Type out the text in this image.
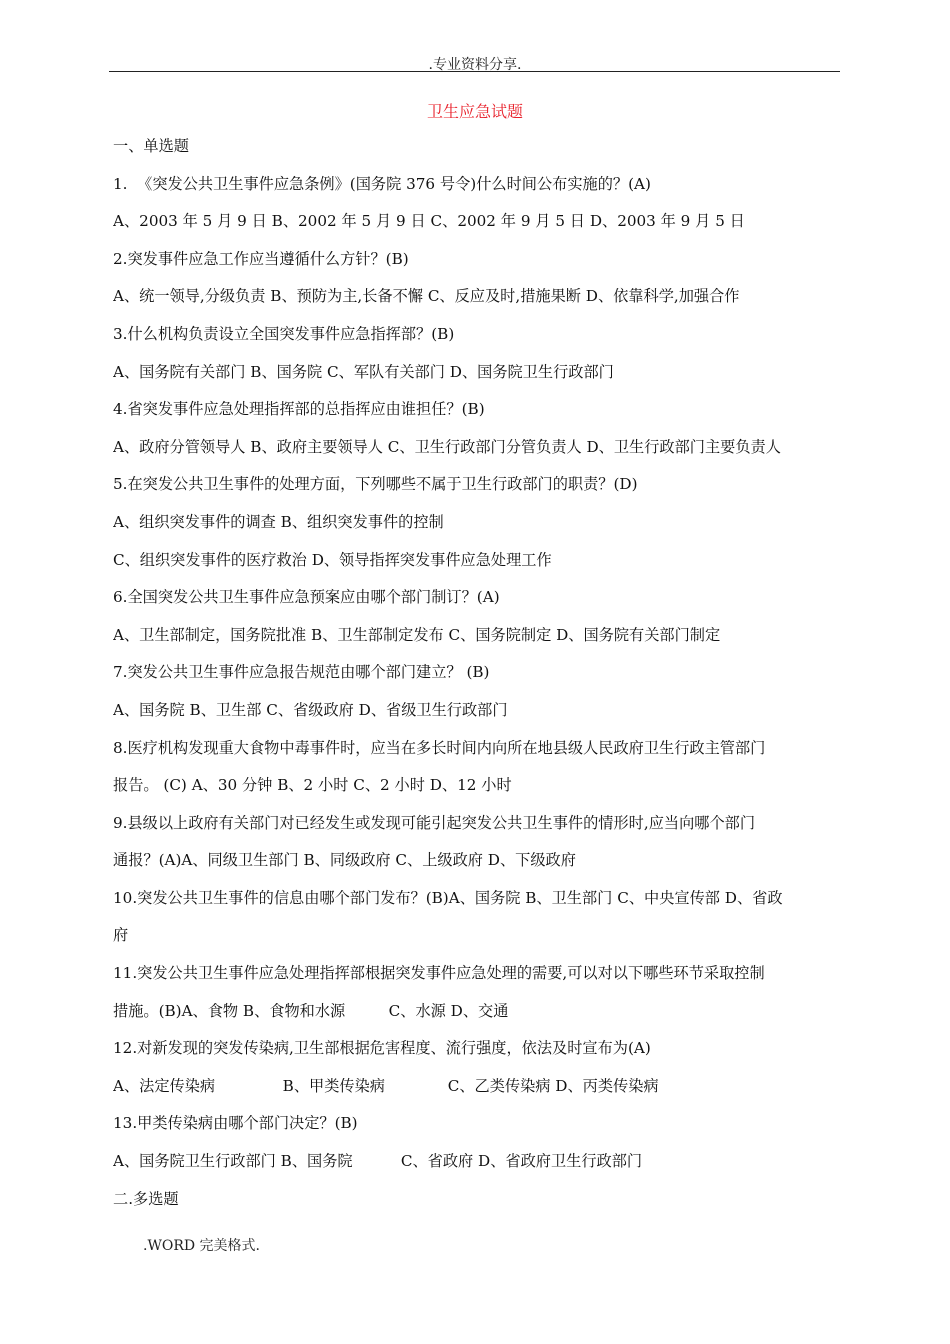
.专业资料分享.
卫生应急试题
一、单选题
1.  《突发公共卫生事件应急条例》(国务院 376 号令)什么时间公布实施的？(A)
A、2003 年 5 月 9 日 B、2002 年 5 月 9 日 C、2002 年 9 月 5 日 D、2003 年 9 月 5 日
2.突发事件应急工作应当遵循什么方针？(B)
A、统一领导,分级负责 B、预防为主,长备不懈 C、反应及时,措施果断 D、依靠科学,加强合作
3.什么机构负责设立全国突发事件应急指挥部？(B)
A、国务院有关部门 B、国务院 C、军队有关部门 D、国务院卫生行政部门
4.省突发事件应急处理指挥部的总指挥应由谁担任？(B)
A、政府分管领导人 B、政府主要领导人 C、卫生行政部门分管负责人 D、卫生行政部门主要负责人
5.在突发公共卫生事件的处理方面，下列哪些不属于卫生行政部门的职责？(D)
A、组织突发事件的调查 B、组织突发事件的控制
C、组织突发事件的医疗救治 D、领导指挥突发事件应急处理工作
6.全国突发公共卫生事件应急预案应由哪个部门制订？(A)
A、卫生部制定，国务院批准 B、卫生部制定发布 C、国务院制定 D、国务院有关部门制定
7.突发公共卫生事件应急报告规范由哪个部门建立？ (B)
A、国务院 B、卫生部 C、省级政府 D、省级卫生行政部门
8.医疗机构发现重大食物中毒事件时，应当在多长时间内向所在地县级人民政府卫生行政主管部门
报告。 (C) A、30 分钟 B、2 小时 C、2 小时 D、12 小时
9.县级以上政府有关部门对已经发生或发现可能引起突发公共卫生事件的情形时,应当向哪个部门
通报？(A)A、同级卫生部门 B、同级政府 C、上级政府 D、下级政府
10.突发公共卫生事件的信息由哪个部门发布？(B)A、国务院 B、卫生部门 C、中央宣传部 D、省政
府
11.突发公共卫生事件应急处理指挥部根据突发事件应急处理的需要,可以对以下哪些环节采取控制
措施。(B)A、食物 B、食物和水源         C、水源 D、交通
12.对新发现的突发传染病,卫生部根据危害程度、流行强度，依法及时宣布为(A)
A、法定传染病              B、甲类传染病             C、乙类传染病 D、丙类传染病
13.甲类传染病由哪个部门决定？(B)
A、国务院卫生行政部门 B、国务院          C、省政府 D、省政府卫生行政部门
二.多选题
.WORD 完美格式.
